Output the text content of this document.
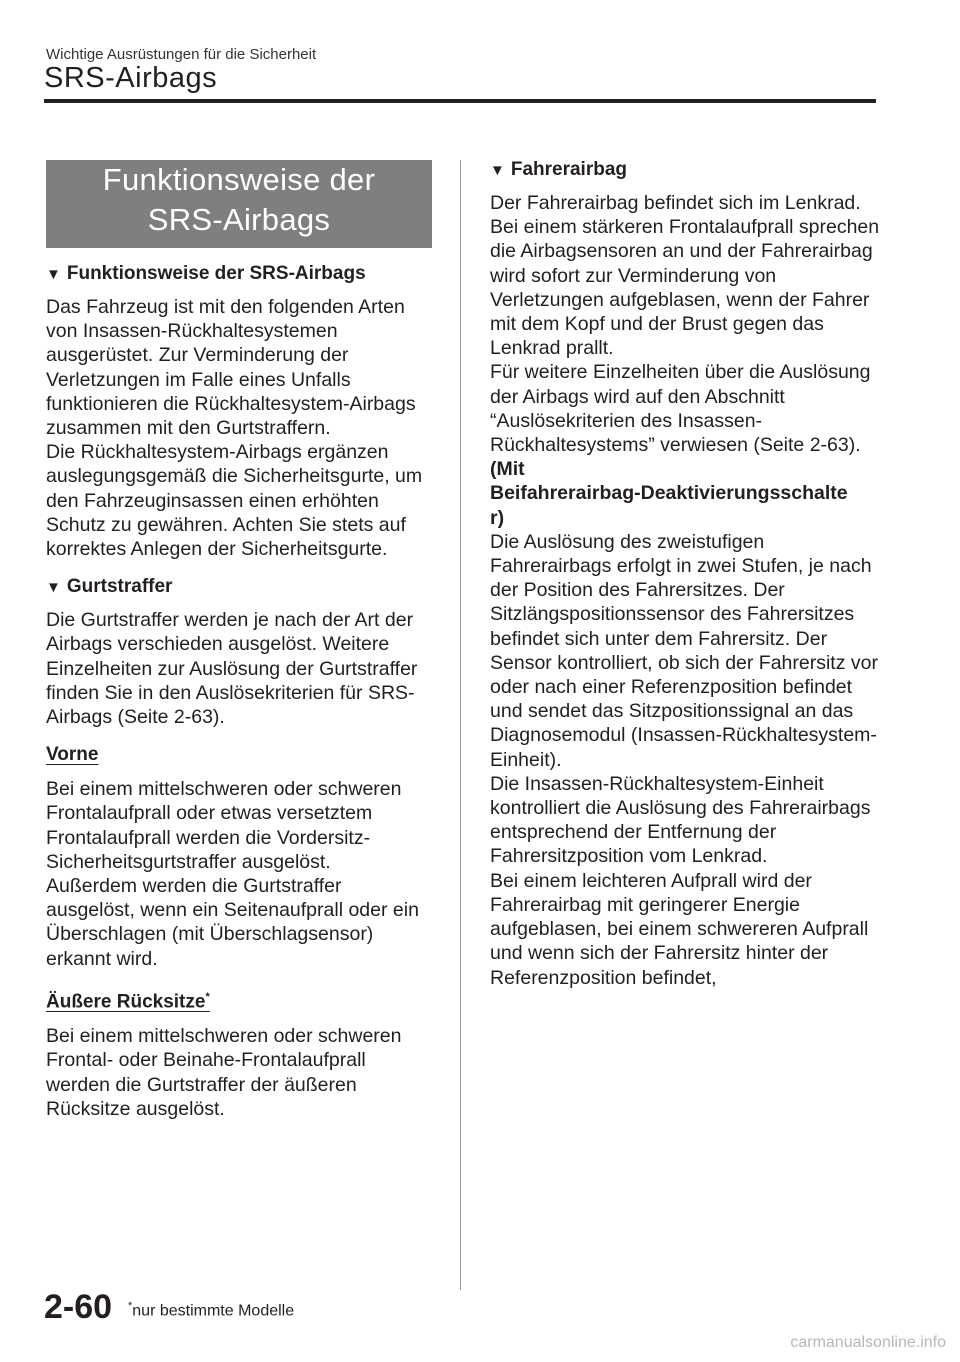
Wichtige Ausrüstungen für die Sicherheit
SRS-Airbags
Funktionsweise der
SRS-Airbags
▼ Funktionsweise der SRS-Airbags

Das Fahrzeug ist mit den folgenden Arten von Insassen-Rückhaltesystemen ausgerüstet. Zur Verminderung der Verletzungen im Falle eines Unfalls funktionieren die Rückhaltesystem-Airbags zusammen mit den Gurtstraffern.
Die Rückhaltesystem-Airbags ergänzen auslegungsgemäß die Sicherheitsgurte, um den Fahrzeuginsassen einen erhöhten Schutz zu gewähren. Achten Sie stets auf korrektes Anlegen der Sicherheitsgurte.

▼ Gurtstraffer

Die Gurtstraffer werden je nach der Art der Airbags verschieden ausgelöst. Weitere Einzelheiten zur Auslösung der Gurtstraffer finden Sie in den Auslösekriterien für SRS-Airbags (Seite 2-63).

Vorne

Bei einem mittelschweren oder schweren Frontalaufprall oder etwas versetztem Frontalaufprall werden die Vordersitz-Sicherheitsgurtstraffer ausgelöst.
Außerdem werden die Gurtstraffer ausgelöst, wenn ein Seitenaufprall oder ein Überschlagen (mit Überschlagsensor) erkannt wird.

Äußere Rücksitze*

Bei einem mittelschweren oder schweren Frontal- oder Beinahe-Frontalaufprall werden die Gurtstraffer der äußeren Rücksitze ausgelöst.

▼ Fahrerairbag

Der Fahrerairbag befindet sich im Lenkrad.
Bei einem stärkeren Frontalaufprall sprechen die Airbagsensoren an und der Fahrerairbag wird sofort zur Verminderung von Verletzungen aufgeblasen, wenn der Fahrer mit dem Kopf und der Brust gegen das Lenkrad prallt.
Für weitere Einzelheiten über die Auslösung der Airbags wird auf den Abschnitt “Auslösekriterien des Insassen-Rückhaltesystems” verwiesen (Seite 2-63).

(Mit

Beifahrerairbag-Deaktivierungsschalte

r)

Die Auslösung des zweistufigen Fahrerairbags erfolgt in zwei Stufen, je nach der Position des Fahrersitzes. Der Sitzlängspositionssensor des Fahrersitzes befindet sich unter dem Fahrersitz. Der Sensor kontrolliert, ob sich der Fahrersitz vor oder nach einer Referenzposition befindet und sendet das Sitzpositionssignal an das Diagnosemodul (Insassen-Rückhaltesystem-Einheit).
Die Insassen-Rückhaltesystem-Einheit kontrolliert die Auslösung des Fahrerairbags entsprechend der Entfernung der Fahrersitzposition vom Lenkrad.
Bei einem leichteren Aufprall wird der Fahrerairbag mit geringerer Energie aufgeblasen, bei einem schwereren Aufprall und wenn sich der Fahrersitz hinter der Referenzposition befindet,

2-60 *nur bestimmte Modelle
carmanualsonline.info
